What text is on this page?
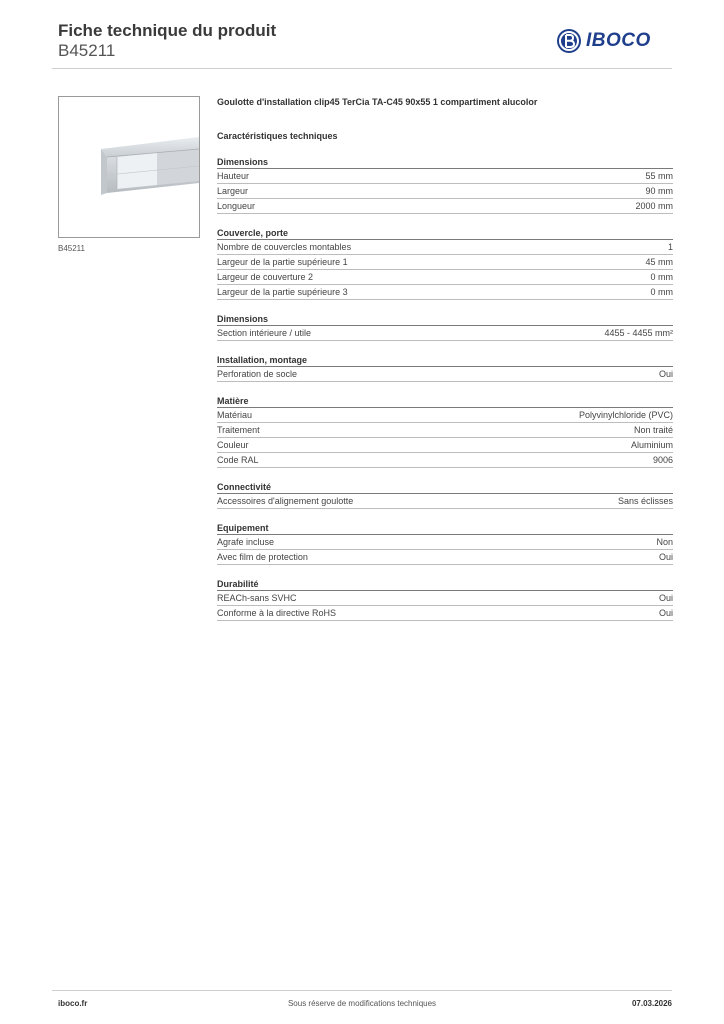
Fiche technique du produit
B45211	IBOCO
B45211
Goulotte d'installation clip45 TerCia TA-C45 90x55 1 compartiment alucolor
Caractéristiques techniques
Dimensions
Hauteur	55 mm
Largeur	90 mm
Longueur	2000 mm
Couvercle, porte
Nombre de couvercles montables	1
Largeur de la partie supérieure 1	45 mm
Largeur de couverture 2	0 mm
Largeur de la partie supérieure 3	0 mm
Dimensions
Section intérieure / utile	4455 - 4455 mm²
Installation, montage
Perforation de socle	Oui
Matière
Matériau	Polyvinylchloride (PVC)
Traitement	Non traité
Couleur	Aluminium
Code RAL	9006
Connectivité
Accessoires d'alignement goulotte	Sans éclisses
Equipement
Agrafe incluse	Non
Avec film de protection	Oui
Durabilité
REACh-sans SVHC	Oui
Conforme à la directive RoHS	Oui
iboco.fr	Sous réserve de modifications techniques	07.03.2026
